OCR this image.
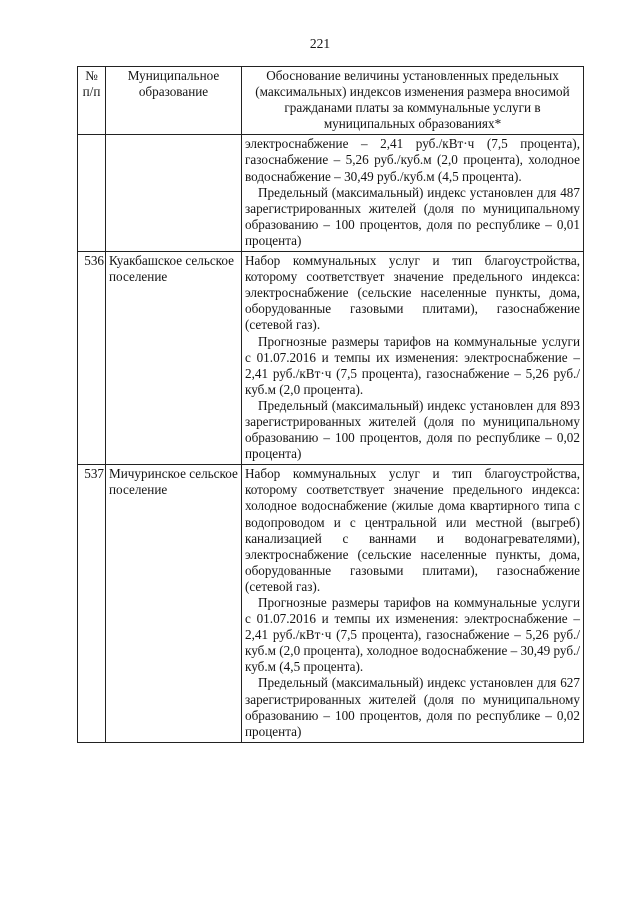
221
№ п/п	Муниципальное образование	Обоснование величины установленных предельных (максимальных) индексов изменения размера вносимой гражданами платы за коммунальные услуги в муниципальных образованиях*

		электроснабжение – 2,41 руб./кВт·ч (7,5 процента), газоснабжение – 5,26 руб./куб.м (2,0 процента), холодное водоснабжение – 30,49 руб./куб.м (4,5 процента).

Предельный (максимальный) индекс установлен для 487 зарегистрированных жителей (доля по муниципальному образованию – 100 процентов, доля по республике – 0,01 процента)

536	Куакбашское сельское поселение	Набор коммунальных услуг и тип благоустройства, которому соответствует значение предельного индекса: электроснабжение (сельские населенные пункты, дома, оборудованные газовыми плитами), газоснабжение (сетевой газ).

Прогнозные размеры тарифов на коммунальные услуги с 01.07.2016 и темпы их изменения: электроснабжение – 2,41 руб./кВт·ч (7,5 процента), газоснабжение – 5,26 руб./куб.м (2,0 процента).

Предельный (максимальный) индекс установлен для 893 зарегистрированных жителей (доля по муниципальному образованию – 100 процентов, доля по республике – 0,02 процента)

537	Мичуринское сельское поселение	Набор коммунальных услуг и тип благоустройства, которому соответствует значение предельного индекса: холодное водоснабжение (жилые дома квартирного типа с водопроводом и с центральной или местной (выгреб) канализацией с ваннами и водонагревателями), электроснабжение (сельские населенные пункты, дома, оборудованные газовыми плитами), газоснабжение (сетевой газ).

Прогнозные размеры тарифов на коммунальные услуги с 01.07.2016 и темпы их изменения: электроснабжение – 2,41 руб./кВт·ч (7,5 процента), газоснабжение – 5,26 руб./куб.м (2,0 процента), холодное водоснабжение – 30,49 руб./куб.м (4,5 процента).

Предельный (максимальный) индекс установлен для 627 зарегистрированных жителей (доля по муниципальному образованию – 100 процентов, доля по республике – 0,02 процента)
